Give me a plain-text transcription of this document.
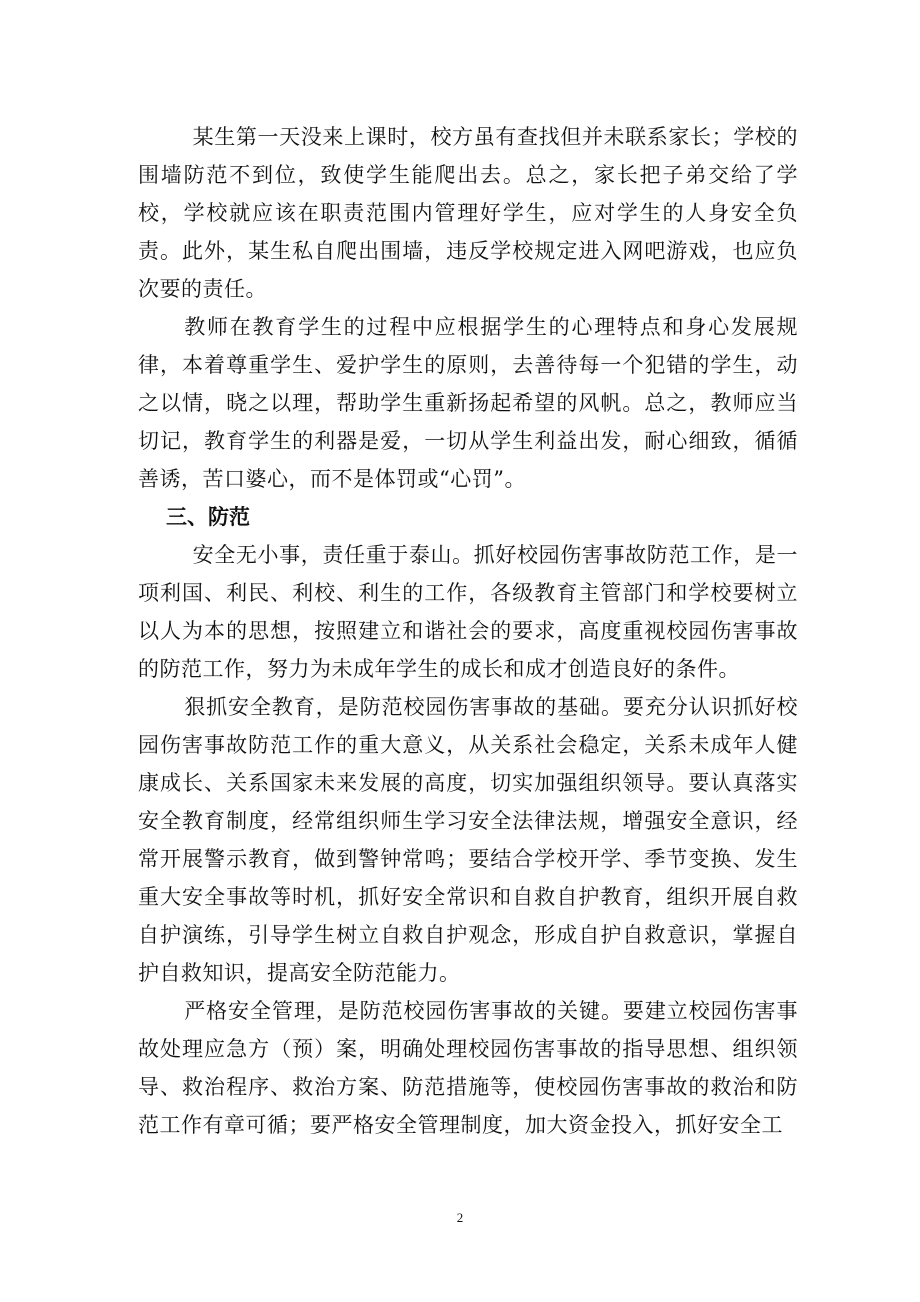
某生第一天没来上课时，校方虽有查找但并未联系家长；学校的围墙防范不到位，致使学生能爬出去。总之，家长把子弟交给了学校，学校就应该在职责范围内管理好学生，应对学生的人身安全负责。此外，某生私自爬出围墙，违反学校规定进入网吧游戏，也应负次要的责任。

教师在教育学生的过程中应根据学生的心理特点和身心发展规律，本着尊重学生、爱护学生的原则，去善待每一个犯错的学生，动之以情，晓之以理，帮助学生重新扬起希望的风帆。总之，教师应当切记，教育学生的利器是爱，一切从学生利益出发，耐心细致，循循善诱，苦口婆心，而不是体罚或“心罚”。

三、防范

安全无小事，责任重于泰山。抓好校园伤害事故防范工作，是一项利国、利民、利校、利生的工作，各级教育主管部门和学校要树立以人为本的思想，按照建立和谐社会的要求，高度重视校园伤害事故的防范工作，努力为未成年学生的成长和成才创造良好的条件。

狠抓安全教育，是防范校园伤害事故的基础。要充分认识抓好校园伤害事故防范工作的重大意义，从关系社会稳定，关系未成年人健康成长、关系国家未来发展的高度，切实加强组织领导。要认真落实安全教育制度，经常组织师生学习安全法律法规，增强安全意识，经常开展警示教育，做到警钟常鸣；要结合学校开学、季节变换、发生重大安全事故等时机，抓好安全常识和自救自护教育，组织开展自救自护演练，引导学生树立自救自护观念，形成自护自救意识，掌握自护自救知识，提高安全防范能力。

严格安全管理，是防范校园伤害事故的关键。要建立校园伤害事故处理应急方（预）案，明确处理校园伤害事故的指导思想、组织领导、救治程序、救治方案、防范措施等，使校园伤害事故的救治和防范工作有章可循；要严格安全管理制度，加大资金投入，抓好安全工

2
